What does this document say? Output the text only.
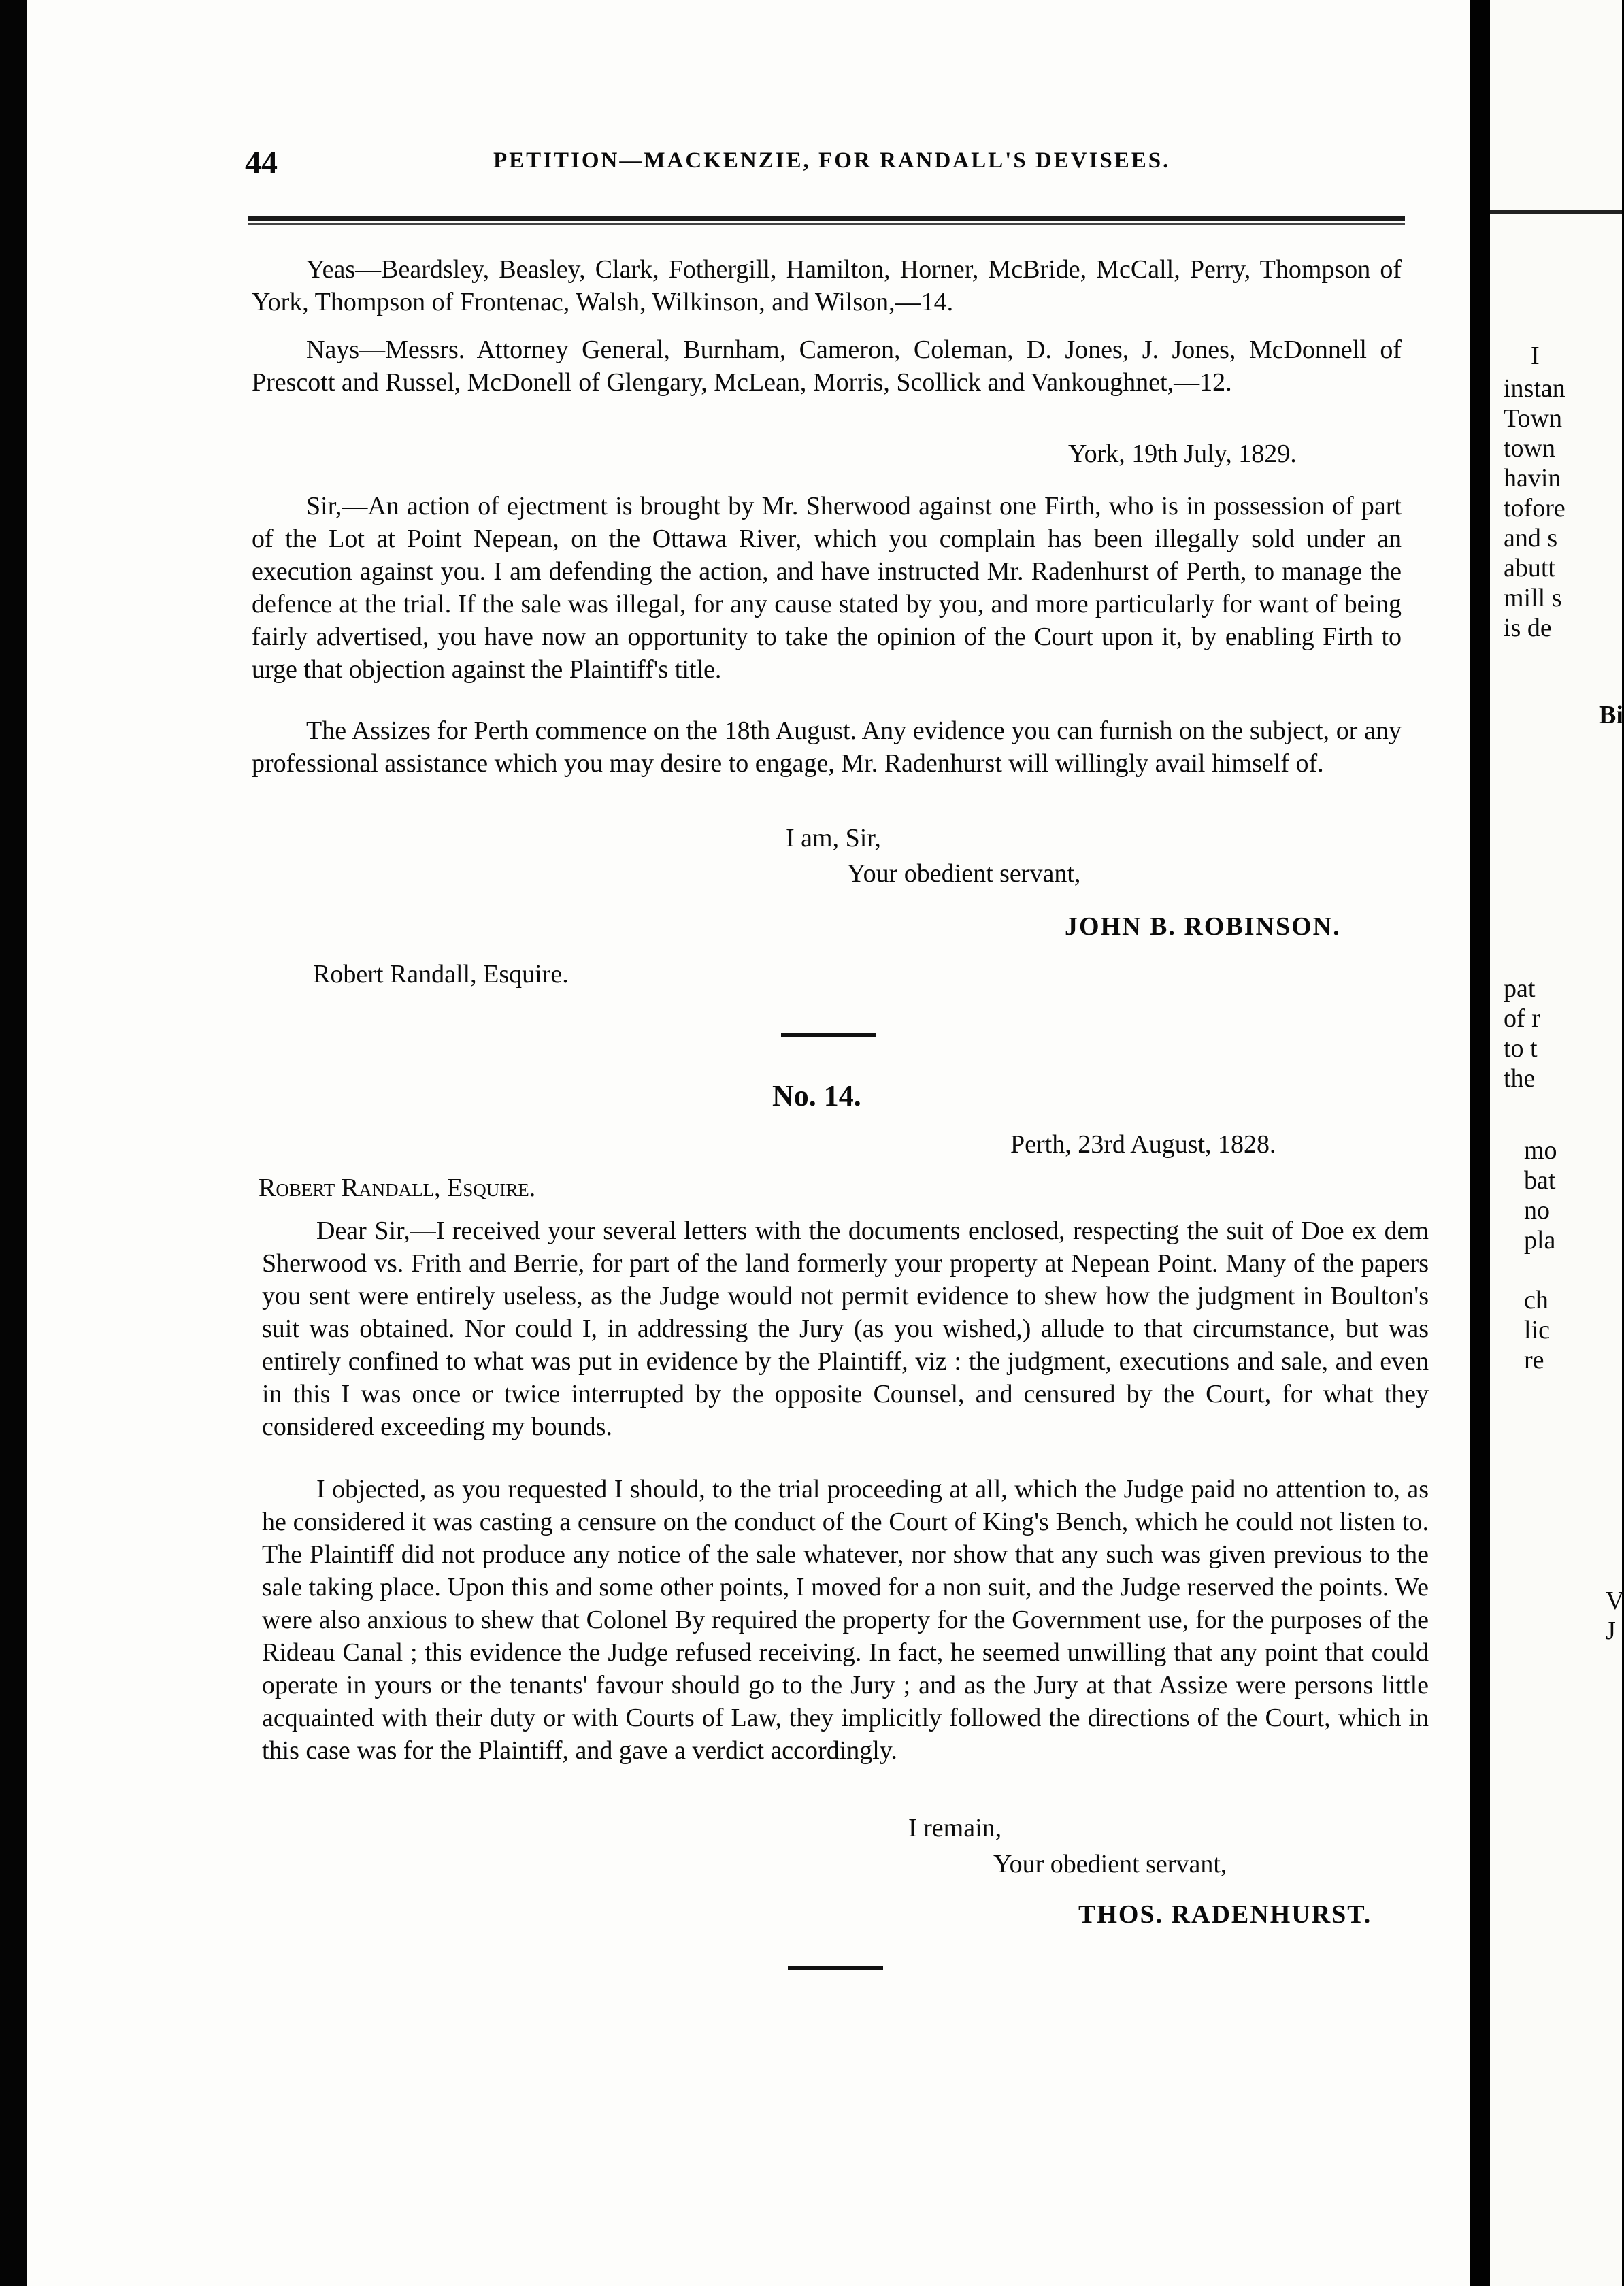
44	PETITION—MACKENZIE, FOR RANDALL'S DEVISEES.
Yeas—Beardsley, Beasley, Clark, Fothergill, Hamilton, Horner, McBride, McCall, Perry, Thompson of York, Thompson of Frontenac, Walsh, Wilkinson, and Wilson,—14.
Nays—Messrs. Attorney General, Burnham, Cameron, Coleman, D. Jones, J. Jones, McDonnell of Prescott and Russel, McDonell of Glengary, McLean, Morris, Scollick and Vankoughnet,—12.
York, 19th July, 1829.
Sir,—An action of ejectment is brought by Mr. Sherwood against one Firth, who is in possession of part of the Lot at Point Nepean, on the Ottawa River, which you complain has been illegally sold under an execution against you. I am defending the action, and have instructed Mr. Radenhurst of Perth, to manage the defence at the trial. If the sale was illegal, for any cause stated by you, and more particularly for want of being fairly advertised, you have now an opportunity to take the opinion of the Court upon it, by enabling Firth to urge that objection against the Plaintiff's title.
The Assizes for Perth commence on the 18th August. Any evidence you can furnish on the subject, or any professional assistance which you may desire to engage, Mr. Radenhurst will willingly avail himself of.
I am, Sir,
Your obedient servant,
JOHN B. ROBINSON.
Robert Randall, Esquire.
No. 14.
Perth, 23rd August, 1828.
Robert Randall, Esquire.
Dear Sir,—I received your several letters with the documents enclosed, respecting the suit of Doe ex dem Sherwood vs. Frith and Berrie, for part of the land formerly your property at Nepean Point. Many of the papers you sent were entirely useless, as the Judge would not permit evidence to shew how the judgment in Boulton's suit was obtained. Nor could I, in addressing the Jury (as you wished,) allude to that circumstance, but was entirely confined to what was put in evidence by the Plaintiff, viz : the judgment, executions and sale, and even in this I was once or twice interrupted by the opposite Counsel, and censured by the Court, for what they considered exceeding my bounds.
I objected, as you requested I should, to the trial proceeding at all, which the Judge paid no attention to, as he considered it was casting a censure on the conduct of the Court of King's Bench, which he could not listen to. The Plaintiff did not produce any notice of the sale whatever, nor show that any such was given previous to the sale taking place. Upon this and some other points, I moved for a non suit, and the Judge reserved the points. We were also anxious to shew that Colonel By required the property for the Government use, for the purposes of the Rideau Canal ; this evidence the Judge refused receiving. In fact, he seemed unwilling that any point that could operate in yours or the tenants' favour should go to the Jury ; and as the Jury at that Assize were persons little acquainted with their duty or with Courts of Law, they implicitly followed the directions of the Court, which in this case was for the Plaintiff, and gave a verdict accordingly.
I remain,
Your obedient servant,
THOS. RADENHURST.
I
instan
Town
town
havin
tofore
and s
abutt
mill s
is de
Bi
pat
of r
to t
the
mo
bat
no
pla
ch
lic
re
V
J
